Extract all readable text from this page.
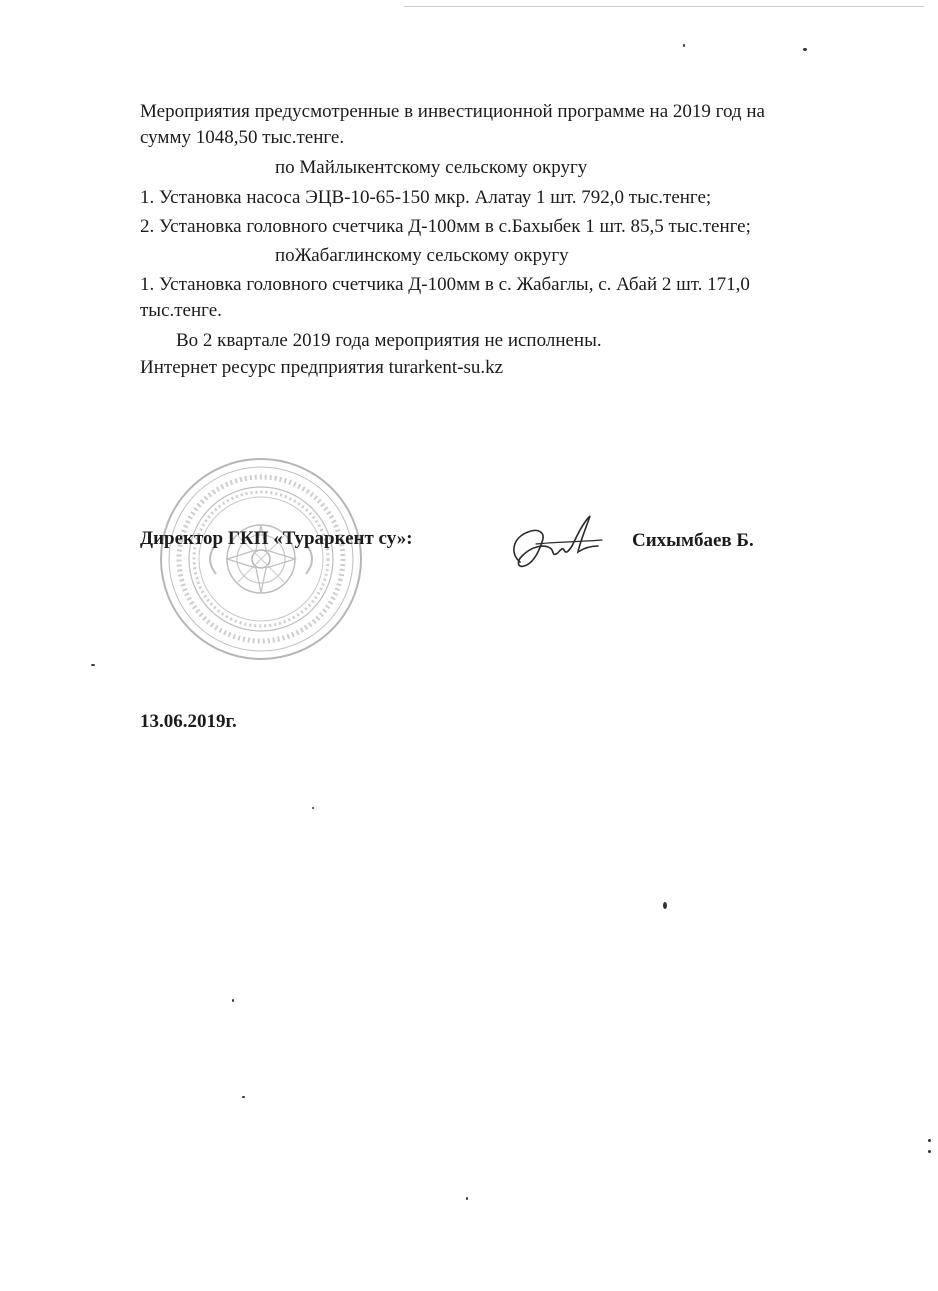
Мероприятия предусмотренные в инвестиционной программе на 2019 год на

сумму 1048,50 тыс.тенге.

по Майлыкентскому сельскому округу

1. Установка насоса ЭЦВ-10-65-150 мкр. Алатау 1 шт. 792,0 тыс.тенге;

2. Установка головного счетчика Д-100мм в с.Бахыбек 1 шт. 85,5 тыс.тенге;

поЖабаглинскому сельскому округу

1. Установка головного счетчика Д-100мм в с. Жабаглы, с. Абай 2 шт. 171,0

тыс.тенге.

Во 2 квартале 2019 года мероприятия не исполнены.

Интернет ресурс предприятия turarkent-su.kz

Директор ГКП «Тураркент су»:	Сихымбаев Б.

13.06.2019г.
